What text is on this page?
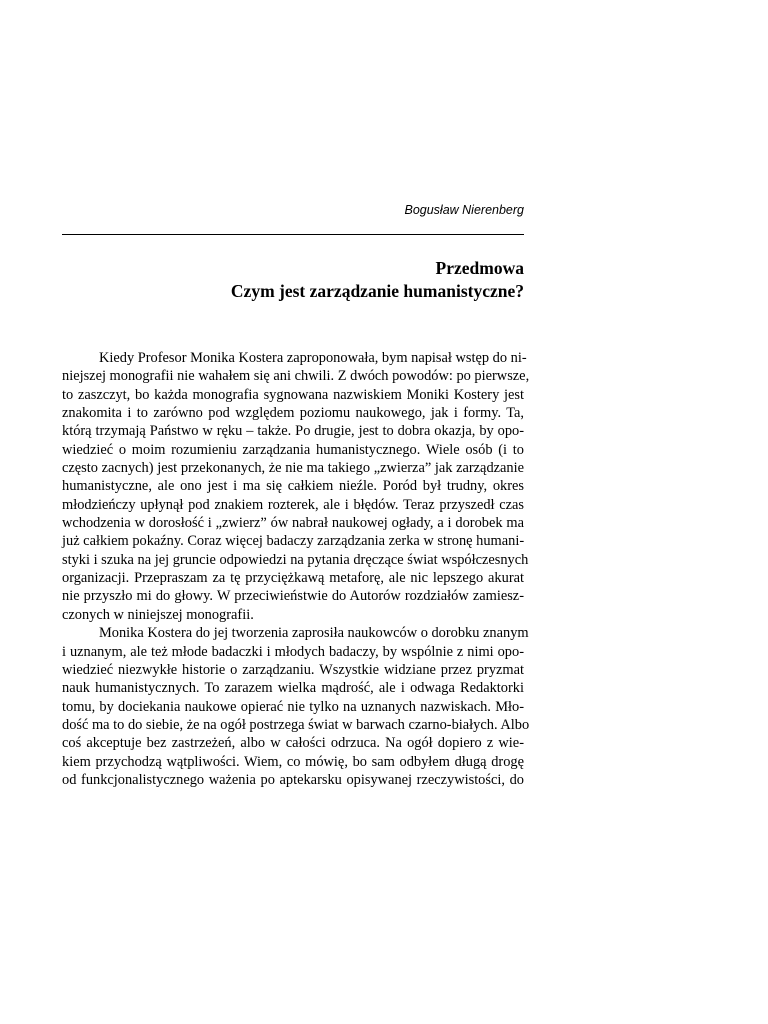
Bogusław Nierenberg
Przedmowa
Czym jest zarządzanie humanistyczne?
Kiedy Profesor Monika Kostera zaproponowała, bym napisał wstęp do ni-
niejszej monografii nie wahałem się ani chwili. Z dwóch powodów: po pierwsze,
to zaszczyt, bo każda monografia sygnowana nazwiskiem Moniki Kostery jest
znakomita i to zarówno pod względem poziomu naukowego, jak i formy. Ta,
którą trzymają Państwo w ręku – także. Po drugie, jest to dobra okazja, by opo-
wiedzieć o moim rozumieniu zarządzania humanistycznego. Wiele osób (i to
często zacnych) jest przekonanych, że nie ma takiego „zwierza” jak zarządzanie
humanistyczne, ale ono jest i ma się całkiem nieźle. Poród był trudny, okres
młodzieńczy upłynął pod znakiem rozterek, ale i błędów. Teraz przyszedł czas
wchodzenia w dorosłość i „zwierz” ów nabrał naukowej ogłady, a i dorobek ma
już całkiem pokaźny. Coraz więcej badaczy zarządzania zerka w stronę humani-
styki i szuka na jej gruncie odpowiedzi na pytania dręczące świat współczesnych
organizacji. Przepraszam za tę przyciężkawą metaforę, ale nic lepszego akurat
nie przyszło mi do głowy. W przeciwieństwie do Autorów rozdziałów zamiesz-
czonych w niniejszej monografii.
Monika Kostera do jej tworzenia zaprosiła naukowców o dorobku znanym
i uznanym, ale też młode badaczki i młodych badaczy, by wspólnie z nimi opo-
wiedzieć niezwykłe historie o zarządzaniu. Wszystkie widziane przez pryzmat
nauk humanistycznych. To zarazem wielka mądrość, ale i odwaga Redaktorki
tomu, by dociekania naukowe opierać nie tylko na uznanych nazwiskach. Mło-
dość ma to do siebie, że na ogół postrzega świat w barwach czarno-białych. Albo
coś akceptuje bez zastrzeżeń, albo w całości odrzuca. Na ogół dopiero z wie-
kiem przychodzą wątpliwości. Wiem, co mówię, bo sam odbyłem długą drogę
od funkcjonalistycznego ważenia po aptekarsku opisywanej rzeczywistości, do
